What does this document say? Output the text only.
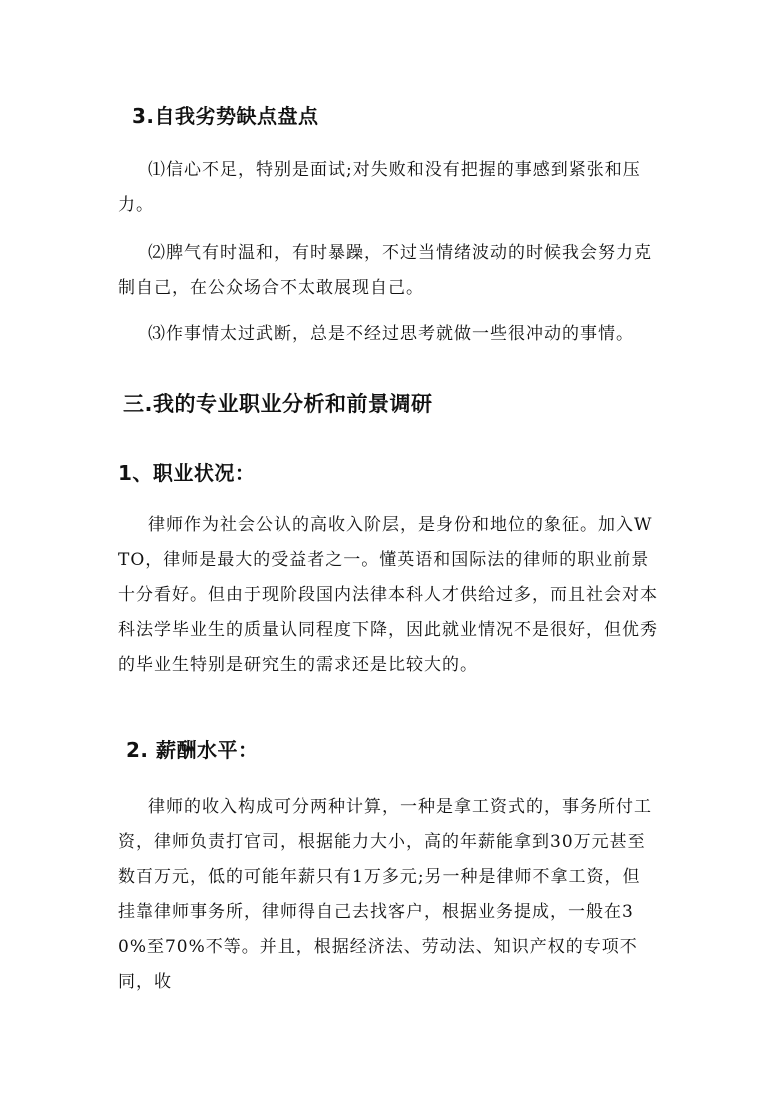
3.自我劣势缺点盘点
⑴信心不足，特别是面试;对失败和没有把握的事感到紧张和压力。
⑵脾气有时温和，有时暴躁，不过当情绪波动的时候我会努力克制自己，在公众场合不太敢展现自己。
⑶作事情太过武断，总是不经过思考就做一些很冲动的事情。
三.我的专业职业分析和前景调研
1、职业状况：
律师作为社会公认的高收入阶层，是身份和地位的象征。加入WTO，律师是最大的受益者之一。懂英语和国际法的律师的职业前景十分看好。但由于现阶段国内法律本科人才供给过多，而且社会对本科法学毕业生的质量认同程度下降，因此就业情况不是很好，但优秀的毕业生特别是研究生的需求还是比较大的。
2. 薪酬水平：
律师的收入构成可分两种计算，一种是拿工资式的，事务所付工资，律师负责打官司，根据能力大小，高的年薪能拿到30万元甚至数百万元，低的可能年薪只有1万多元;另一种是律师不拿工资，但挂靠律师事务所，律师得自己去找客户，根据业务提成，一般在30%至70%不等。并且，根据经济法、劳动法、知识产权的专项不同，收
